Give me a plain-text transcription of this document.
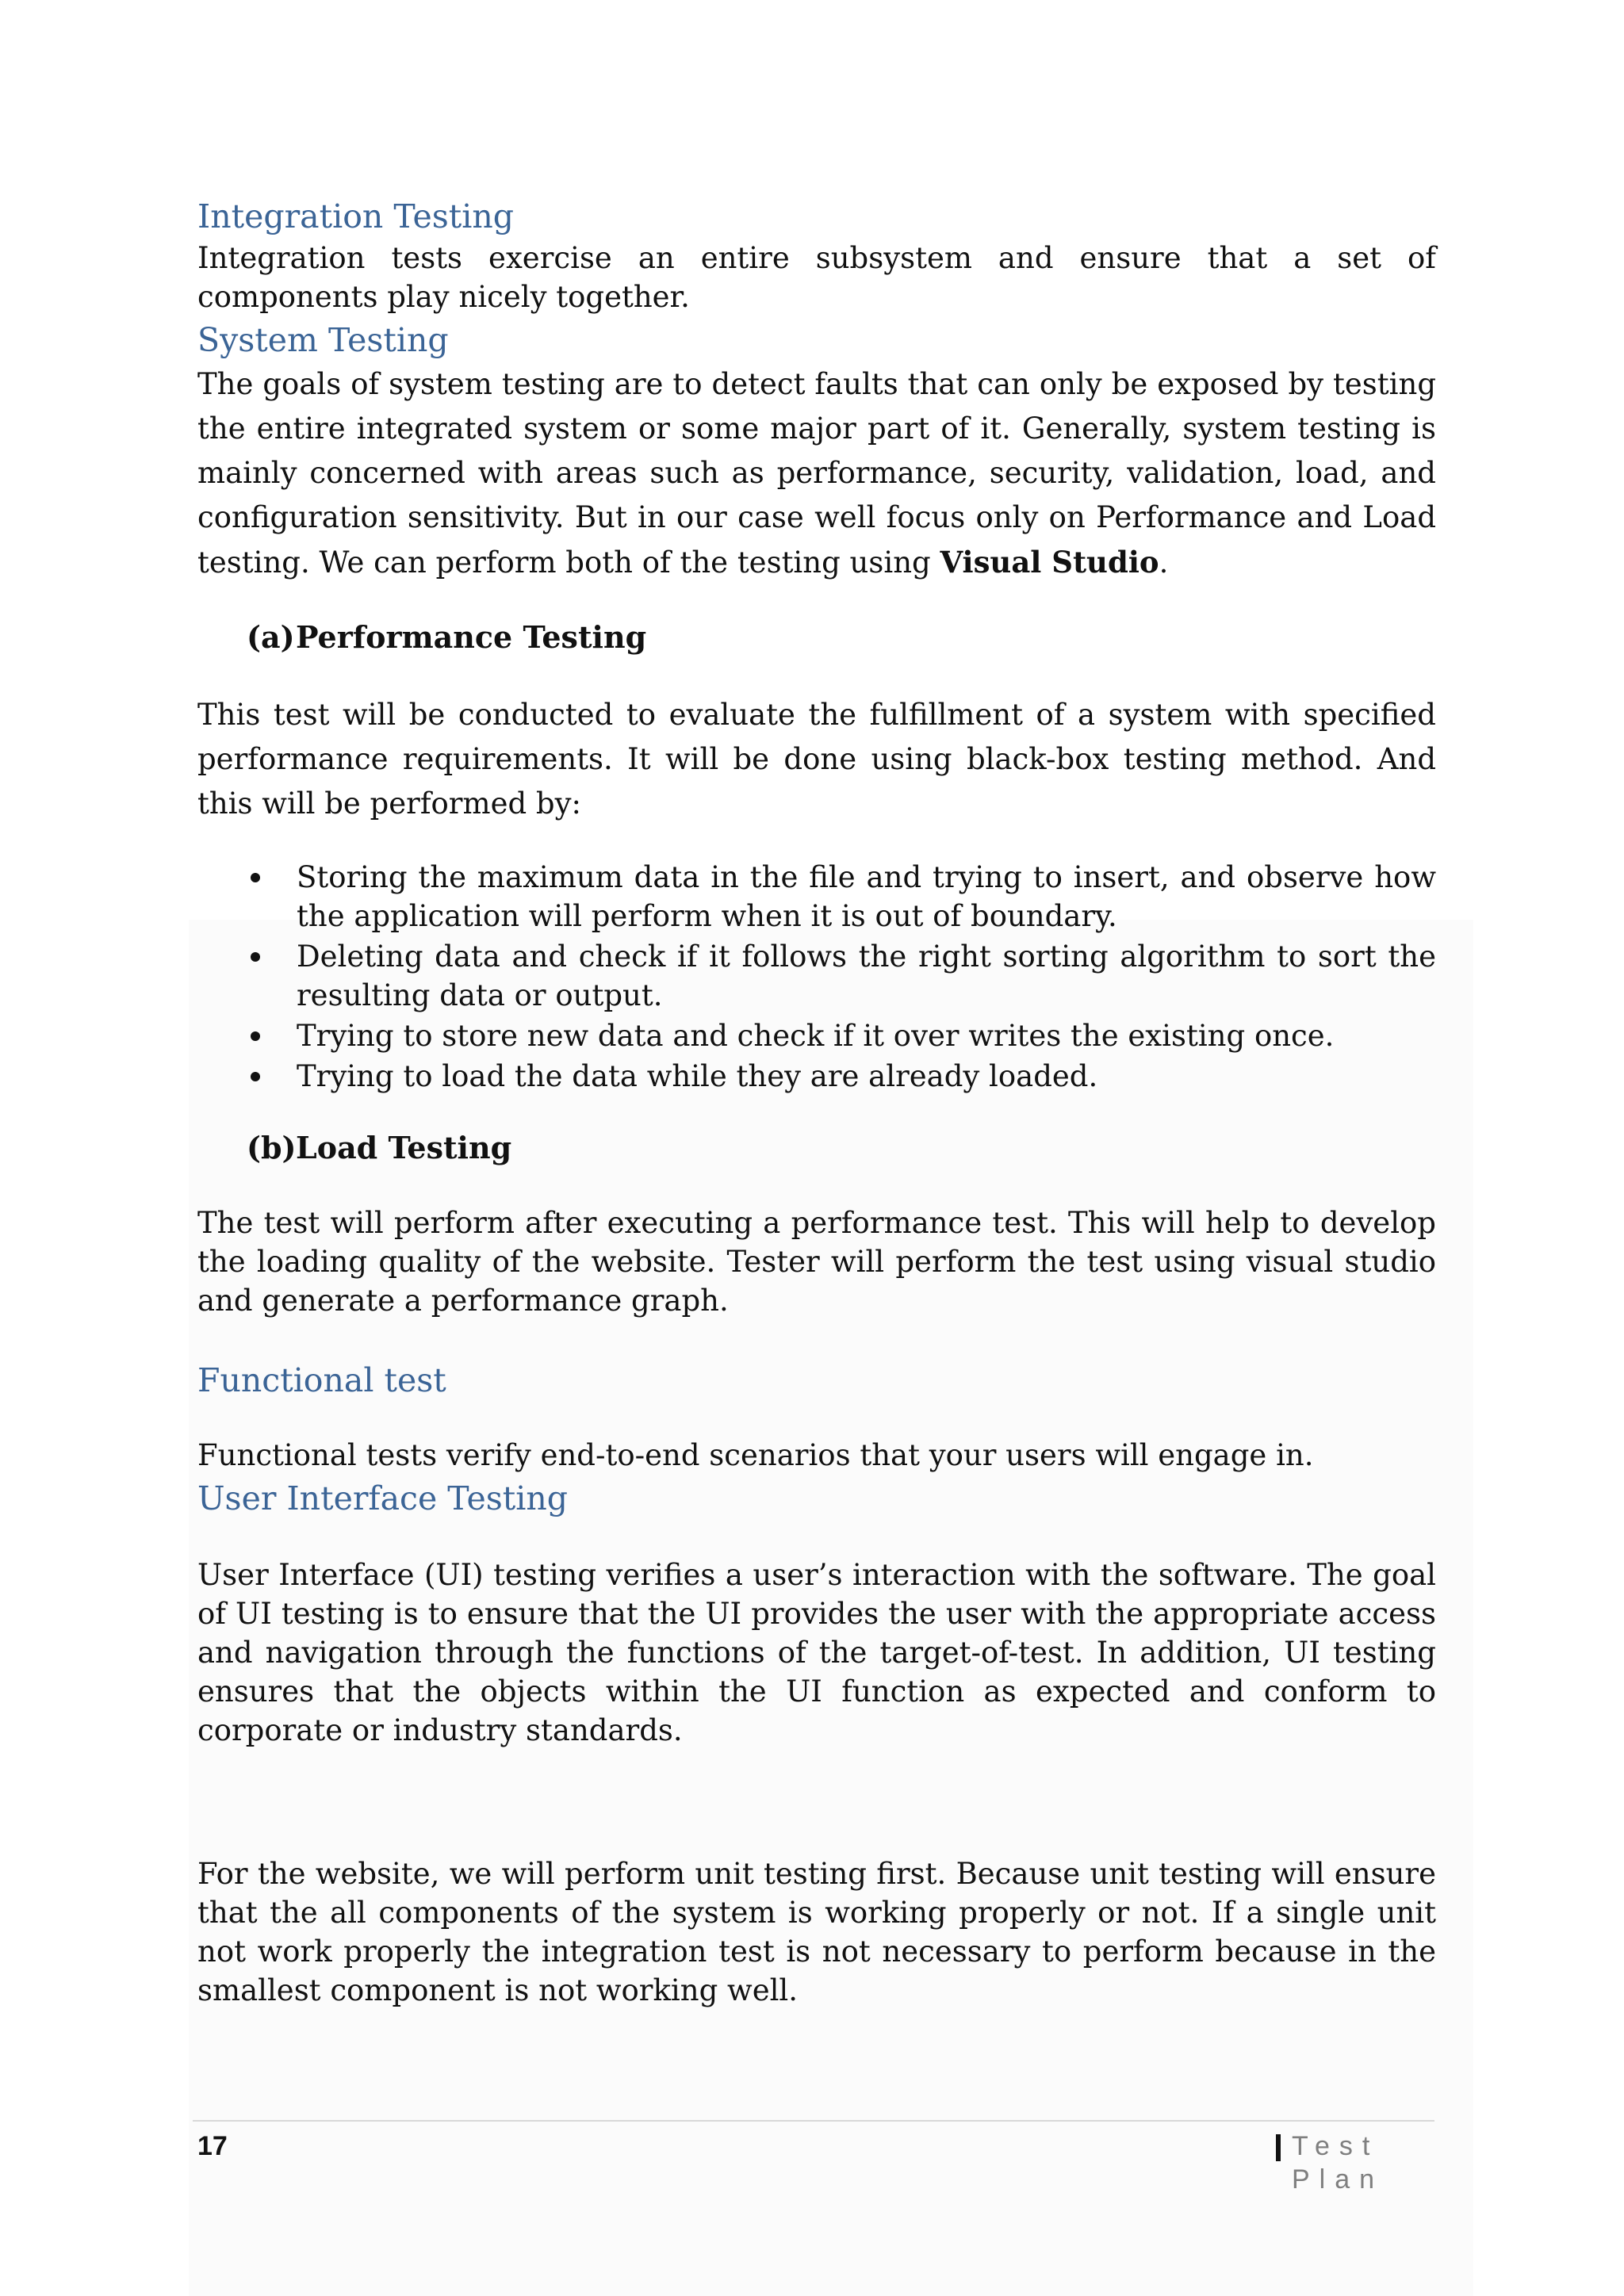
Integration Testing

Integration tests exercise an entire subsystem and ensure that a set of components play nicely together.

System Testing

The goals of system testing are to detect faults that can only be exposed by testing the entire integrated system or some major part of it. Generally, system testing is mainly concerned with areas such as performance, security, validation, load, and configuration sensitivity. But in our case well focus only on Performance and Load testing. We can perform both of the testing using Visual Studio.

(a) Performance Testing

This test will be conducted to evaluate the fulfillment of a system with specified performance requirements. It will be done using black-box testing method. And this will be performed by:

Storing the maximum data in the file and trying to insert, and observe how the application will perform when it is out of boundary.
Deleting data and check if it follows the right sorting algorithm to sort the resulting data or output.
Trying to store new data and check if it over writes the existing once.
Trying to load the data while they are already loaded.
(b) Load Testing

The test will perform after executing a performance test. This will help to develop the loading quality of the website. Tester will perform the test using visual studio and generate a performance graph.

Functional test

Functional tests verify end-to-end scenarios that your users will engage in.

User Interface Testing

User Interface (UI) testing verifies a user’s interaction with the software. The goal of UI testing is to ensure that the UI provides the user with the appropriate access and navigation through the functions of the target-of-test. In addition, UI testing ensures that the objects within the UI function as expected and conform to corporate or industry standards.

For the website, we will perform unit testing first. Because unit testing will ensure that the all components of the system is working properly or not. If a single unit not work properly the integration test is not necessary to perform because in the smallest component is not working well.

17	Test Plan
